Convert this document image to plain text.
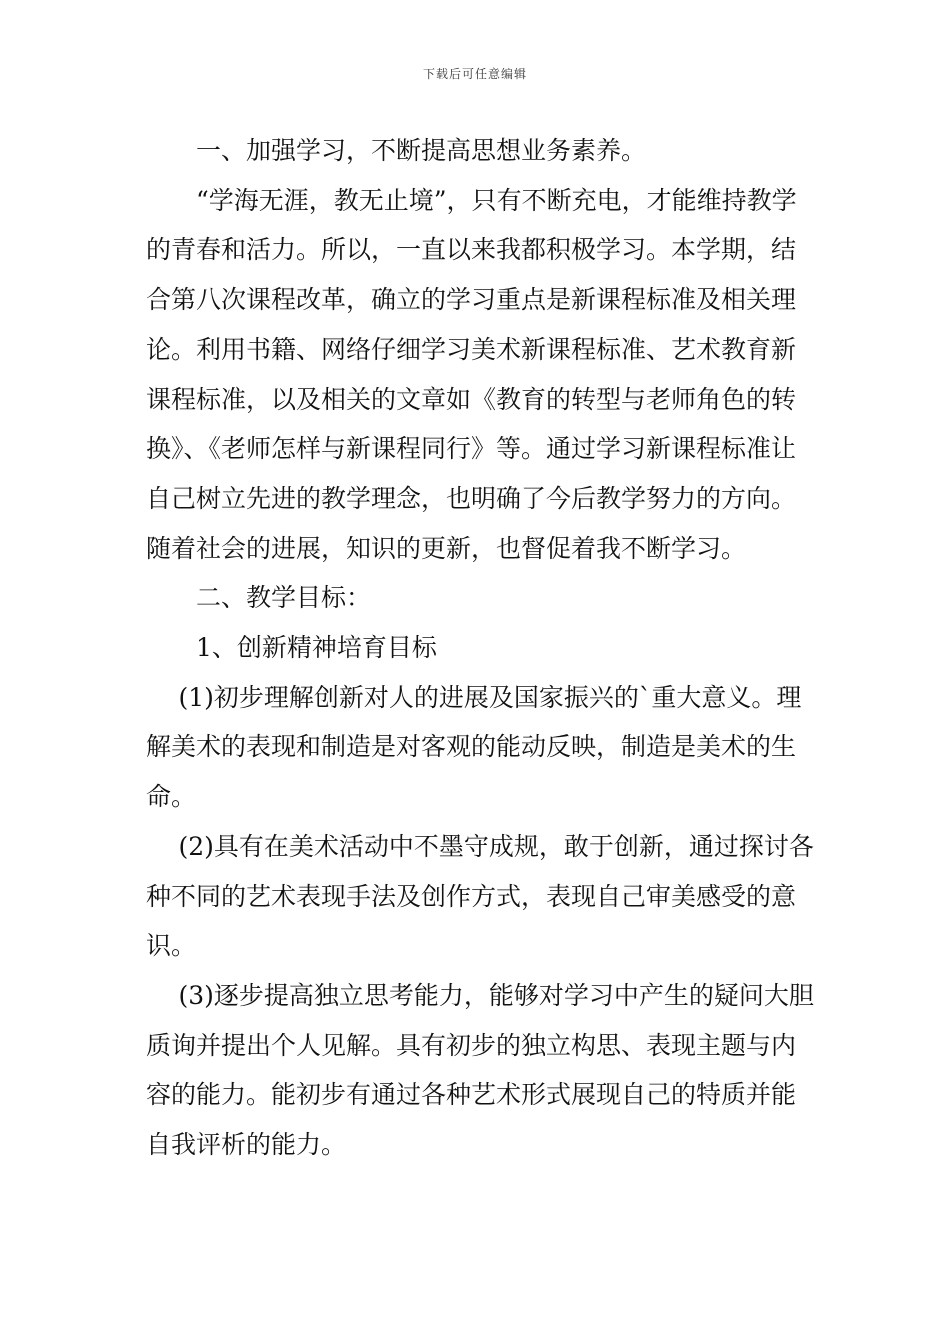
下载后可任意编辑

一、加强学习，不断提高思想业务素养。

“学海无涯，教无止境”，只有不断充电，才能维持教学的青春和活力。所以，一直以来我都积极学习。本学期，结合第八次课程改革，确立的学习重点是新课程标准及相关理论。利用书籍、网络仔细学习美术新课程标准、艺术教育新课程标准，以及相关的文章如《教育的转型与老师角色的转换》、《老师怎样与新课程同行》等。通过学习新课程标准让自己树立先进的教学理念，也明确了今后教学努力的方向。随着社会的进展，知识的更新，也督促着我不断学习。

二、教学目标：

1、创新精神培育目标

(1)初步理解创新对人的进展及国家振兴的`重大意义。理解美术的表现和制造是对客观的能动反映，制造是美术的生命。

(2)具有在美术活动中不墨守成规，敢于创新，通过探讨各种不同的艺术表现手法及创作方式，表现自己审美感受的意识。

(3)逐步提高独立思考能力，能够对学习中产生的疑问大胆质询并提出个人见解。具有初步的独立构思、表现主题与内容的能力。能初步有通过各种艺术形式展现自己的特质并能自我评析的能力。
